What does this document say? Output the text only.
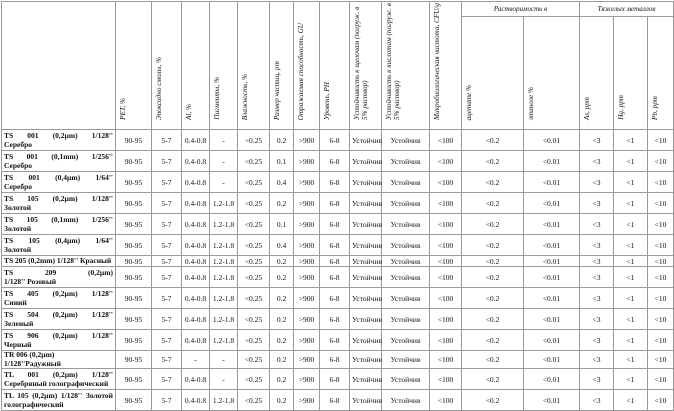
	PET, %	Эпоксидно смолы, %	Al, %	Пигменты, %	Влажность, %	Размер частиц, µm	Отражаемая способность, GU	Уровень, PH	Устойчивость к щелочам (погруж. в 5% раствор)	Устойчивость к кислотам (погруж. в 5% раствор)	Микробиологическая чистота, CFU/g	Растворимость в		Тяжелых металлов		
												ацетате %	этаноле %	As, ppm	Hg, ppm	Pb, ppm

TS 001 (0,2µm) 1/128''
Серебро	90-95	5-7	0.4-0.8	-	<0.25	0.2	>900	6-8	Устойчив	Устойчив	<100	<0.2	<0.01	<3	<1	<10

TS 001 (0,1mm) 1/256''
Серебро	90-95	5-7	0.4-0.8	-	<0.25	0.1	>900	6-8	Устойчив	Устойчив	<100	<0.2	<0.01	<3	<1	<10

TS 001 (0,4µm) 1/64''
Серебро	90-95	5-7	0.4-0.8	-	<0.25	0.4	>900	6-8	Устойчив	Устойчив	<100	<0.2	<0.01	<3	<1	<10

TS 105 (0,2µm) 1/128''
Золотой	90-95	5-7	0.4-0.8	1.2-1.8	<0.25	0.2	>900	6-8	Устойчив	Устойчив	<100	<0.2	<0.01	<3	<1	<10

TS 105 (0,1mm) 1/256''
Золотой	90-95	5-7	0.4-0.8	1.2-1.8	<0.25	0.1	>900	6-8	Устойчив	Устойчив	<100	<0.2	<0.01	<3	<1	<10

TS 105 (0,4µm) 1/64''
Золотой	90-95	5-7	0.4-0.8	1.2-1.8	<0.25	0.4	>900	6-8	Устойчив	Устойчив	<100	<0.2	<0.01	<3	<1	<10
TS 205 (0,2mm) 1/128'' Красный	90-95	5-7	0.4-0.8	1.2-1.8	<0.25	0.2	>900	6-8	Устойчив	Устойчив	<100	<0.2	<0.01	<3	<1	<10

TS 209 (0,2µm)
1/128'' Розовый	90-95	5-7	0.4-0.8	1.2-1.8	<0.25	0.2	>900	6-8	Устойчив	Устойчив	<100	<0.2	<0.01	<3	<1	<10

TS 405 (0,2µm) 1/128''
Синий	90-95	5-7	0.4-0.8	1.2-1.8	<0.25	0.2	>900	6-8	Устойчив	Устойчив	<100	<0.2	<0.01	<3	<1	<10

TS 504 (0,2µm) 1/128''
Зеленый	90-95	5-7	0.4-0.8	1.2-1.8	<0.25	0.2	>900	6-8	Устойчив	Устойчив	<100	<0.2	<0.01	<3	<1	<10

TS 906 (0,2µm) 1/128''
Черный	90-95	5-7	0.4-0.8	1.2-1.8	<0.25	0.2	>900	6-8	Устойчив	Устойчив	<100	<0.2	<0.01	<3	<1	<10
TR 006 (0,2µm) 1/128''Радужный	90-95	5-7	-	-	<0.25	0.2	>900	6-8	Устойчив	Устойчив	<100	<0.2	<0.01	<3	<1	<10

TL 001 (0,2µm) 1/128''
Серебряный голографический	90-95	5-7	0.4-0.8	-	<0.25	0.2	>900	6-8	Устойчив	Устойчив	<100	<0.2	<0.01	<3	<1	<10

TL 105 (0,2µm) 1/128'' Золотой
голографический	90-95	5-7	0.4-0.8	1.2-1.8	<0.25	0.2	>900	6-8	Устойчив	Устойчив	<100	<0.2	<0.01	<3	<1	<10
